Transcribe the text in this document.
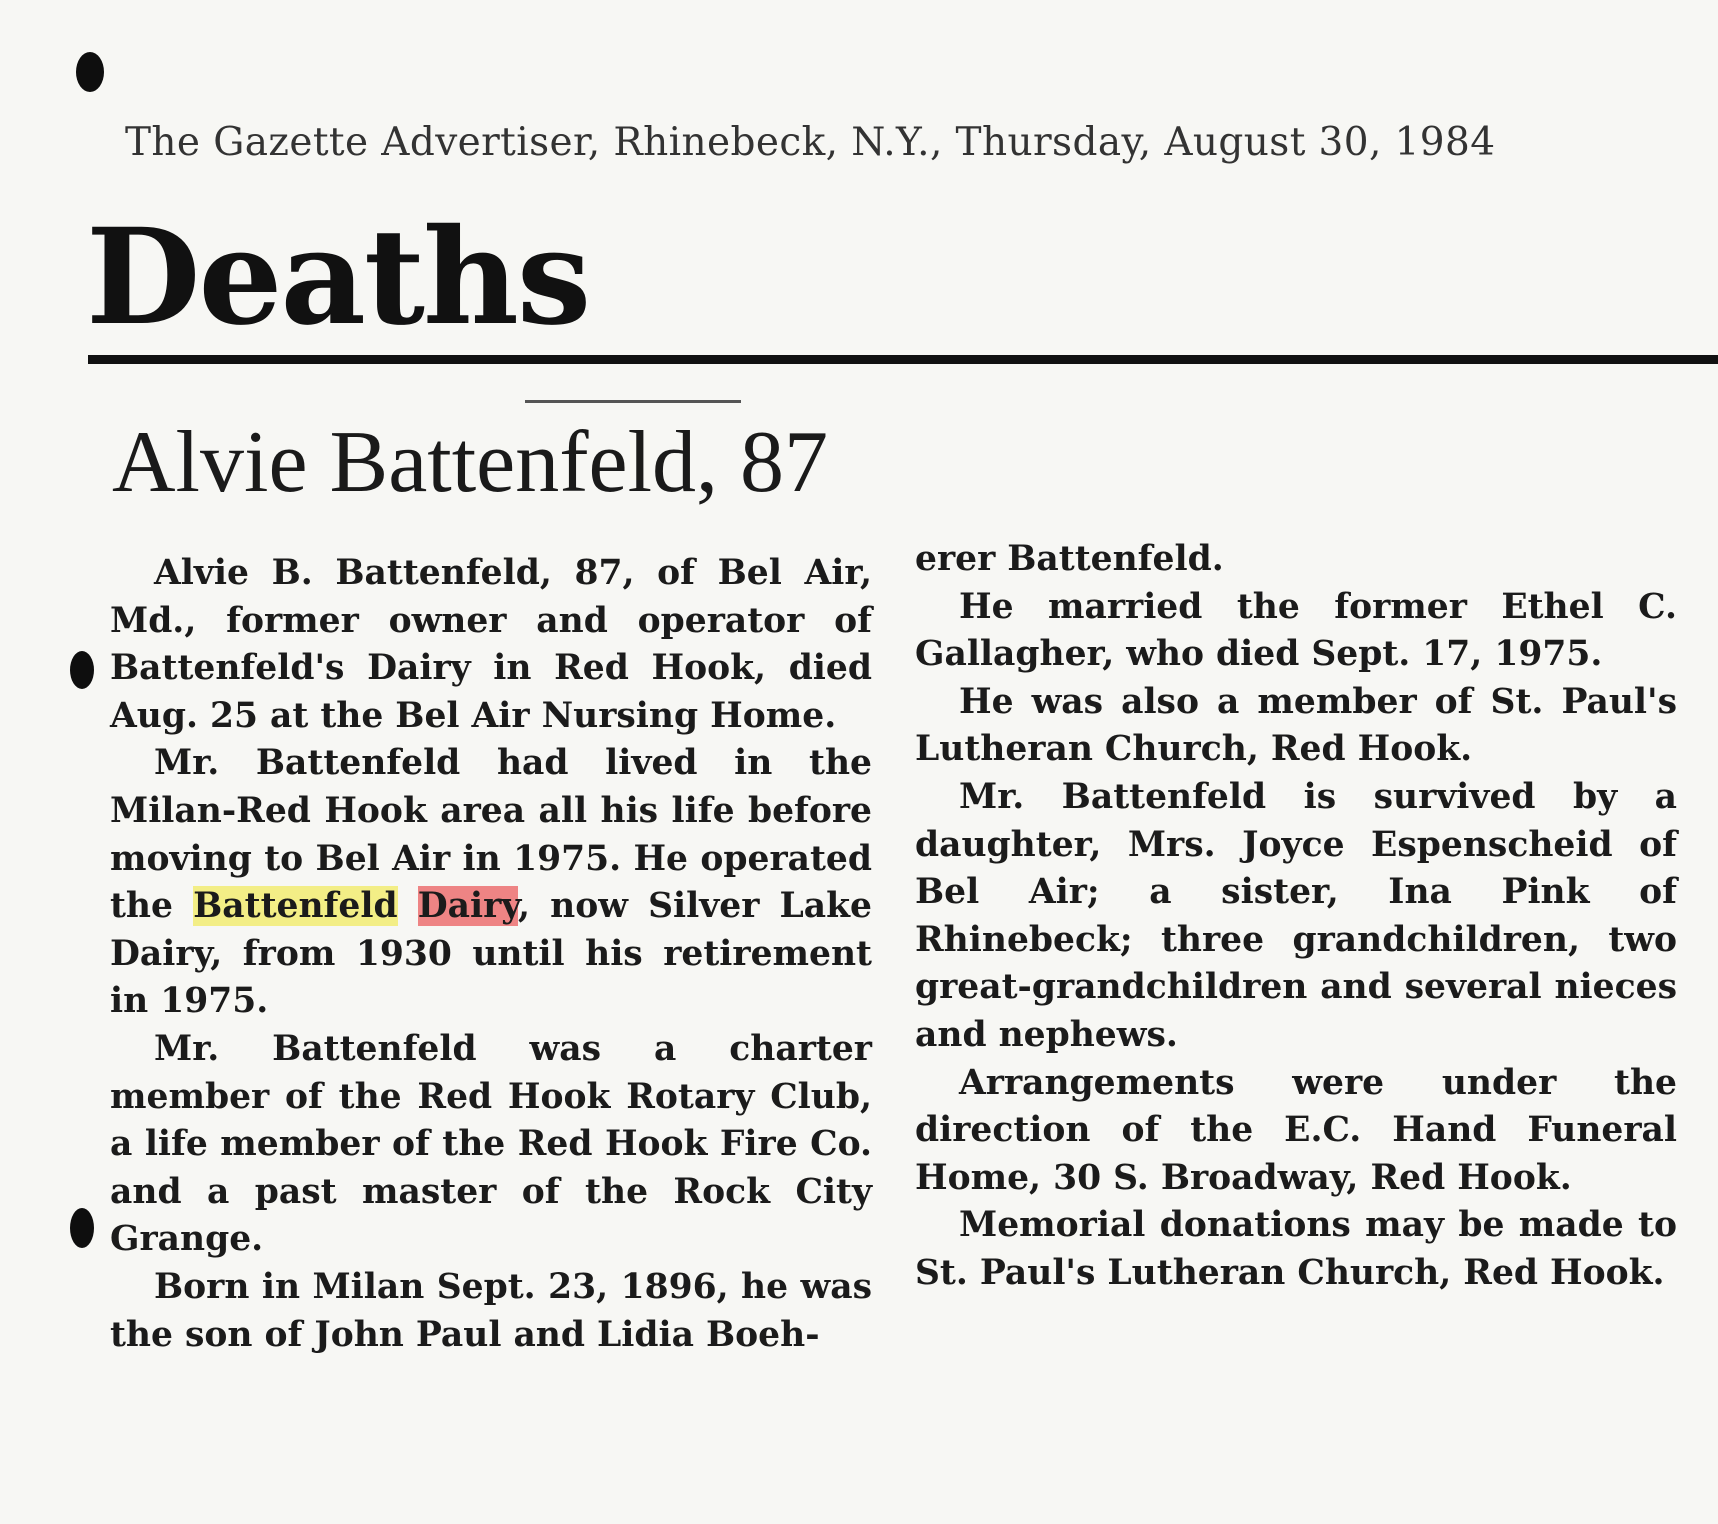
The Gazette Advertiser, Rhinebeck, N.Y., Thursday, August 30, 1984
Deaths
Alvie Battenfeld, 87

Alvie B. Battenfeld, 87, of Bel Air, Md., former owner and operator of Battenfeld's Dairy in Red Hook, died Aug. 25 at the Bel Air Nursing Home.

Mr. Battenfeld had lived in the Milan-Red Hook area all his life before moving to Bel Air in 1975. He operated the Battenfeld Dairy, now Silver Lake Dairy, from 1930 until his retirement in 1975.

Mr. Battenfeld was a charter member of the Red Hook Rotary Club, a life member of the Red Hook Fire Co. and a past master of the Rock City Grange.

Born in Milan Sept. 23, 1896, he was the son of John Paul and Lidia Boeh-

erer Battenfeld.

He married the former Ethel C. Gallagher, who died Sept. 17, 1975.

He was also a member of St. Paul's Lutheran Church, Red Hook.

Mr. Battenfeld is survived by a daughter, Mrs. Joyce Espenscheid of Bel Air; a sister, Ina Pink of Rhinebeck; three grandchildren, two great-grandchildren and several nieces and nephews.

Arrangements were under the direction of the E.C. Hand Funeral Home, 30 S. Broadway, Red Hook.

Memorial donations may be made to St. Paul's Lutheran Church, Red Hook.
